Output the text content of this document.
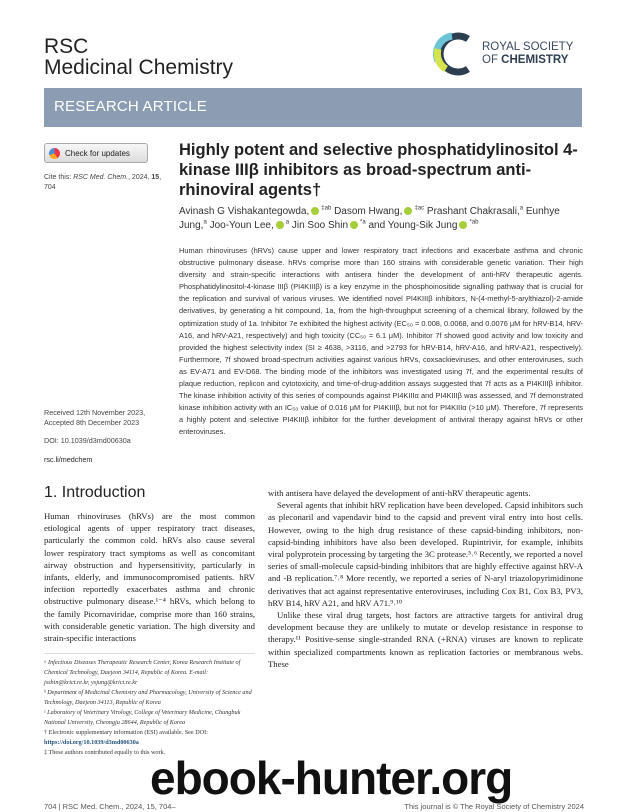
RSC
Medicinal Chemistry
ROYAL SOCIETY
OF CHEMISTRY
RESEARCH ARTICLE
Check for updates
Cite this: RSC Med. Chem., 2024, 15, 704
Highly potent and selective phosphatidylinositol 4-kinase IIIβ inhibitors as broad-spectrum anti-rhinoviral agents†
Avinash G Vishakantegowda, $^{\ddagger ab}$ Dasom Hwang, $^{\ddagger ac}$ Prashant Chakrasali,$^a$ Eunhye Jung,$^a$ Joo-Youn Lee, $^a$ Jin Soo Shin $^{*a}$ and Young-Sik Jung $^{*ab}$
Human rhinoviruses (hRVs) cause upper and lower respiratory tract infections and exacerbate asthma and chronic obstructive pulmonary disease. hRVs comprise more than 160 strains with considerable genetic variation. Their high diversity and strain-specific interactions with antisera hinder the development of anti-hRV therapeutic agents. Phosphatidylinositol-4-kinase IIIβ (PI4KIIIβ) is a key enzyme in the phosphoinositide signalling pathway that is crucial for the replication and survival of various viruses. We identified novel PI4KIIIβ inhibitors, N-(4-methyl-5-arylthiazol)-2-amide derivatives, by generating a hit compound, 1a, from the high-throughput screening of a chemical library, followed by the optimization study of 1a. Inhibitor 7e exhibited the highest activity (EC₅₀ = 0.008, 0.0068, and 0.0076 μM for hRV-B14, hRV-A16, and hRV-A21, respectively) and high toxicity (CC₅₀ = 6.1 μM). Inhibitor 7f showed good activity and low toxicity and provided the highest selectivity index (SI ≥ 4638, >3116, and >2793 for hRV-B14, hRV-A16, and hRV-A21, respectively). Furthermore, 7f showed broad-spectrum activities against various hRVs, coxsackieviruses, and other enteroviruses, such as EV-A71 and EV-D68. The binding mode of the inhibitors was investigated using 7f, and the experimental results of plaque reduction, replicon and cytotoxicity, and time-of-drug-addition assays suggested that 7f acts as a PI4KIIIβ inhibitor. The kinase inhibition activity of this series of compounds against PI4KIIIα and PI4KIIIβ was assessed, and 7f demonstrated kinase inhibition activity with an IC₅₀ value of 0.016 μM for PI4KIIIβ, but not for PI4KIIIα (>10 μM). Therefore, 7f represents a highly potent and selective PI4KIIIβ inhibitor for the further development of antiviral therapy against hRVs or other enteroviruses.
Received 12th November 2023,
Accepted 8th December 2023
DOI: 10.1039/d3md00630a
rsc.li/medchem
1. Introduction
Human rhinoviruses (hRVs) are the most common etiological agents of upper respiratory tract diseases, particularly the common cold. hRVs also cause several lower respiratory tract symptoms as well as concomitant airway obstruction and hypersensitivity, particularly in infants, elderly, and immunocompromised patients. hRV infection reportedly exacerbates asthma and chronic obstructive pulmonary disease.¹⁻⁴ hRVs, which belong to the family Picornaviridae, comprise more than 160 strains, with considerable genetic variation. The high diversity and strain-specific interactions

with antisera have delayed the development of anti-hRV therapeutic agents.

Several agents that inhibit hRV replication have been developed. Capsid inhibitors such as pleconaril and vapendavir bind to the capsid and prevent viral entry into host cells. However, owing to the high drug resistance of these capsid-binding inhibitors, non-capsid-binding inhibitors have also been developed. Rupintrivir, for example, inhibits viral polyprotein processing by targeting the 3C protease.⁵˒⁶ Recently, we reported a novel series of small-molecule capsid-binding inhibitors that are highly effective against hRV-A and -B replication.⁷˒⁸ More recently, we reported a series of N-aryl triazolopyrimidinone derivatives that act against representative enteroviruses, including Cox B1, Cox B3, PV3, hRV B14, hRV A21, and hRV A71.⁹˒¹⁰

Unlike these viral drug targets, host factors are attractive targets for antiviral drug development because they are unlikely to mutate or develop resistance in response to therapy.¹¹ Positive-sense single-stranded RNA (+RNA) viruses are known to replicate within specialized compartments known as replication factories or membranous webs. These

ᵃ Infectious Diseases Therapeutic Research Center, Korea Research Institute of Chemical Technology, Daejeon 34114, Republic of Korea. E-mail: jsshin@krict.re.kr, ysjung@krict.re.kr
ᵇ Department of Medicinal Chemistry and Pharmacology, University of Science and Technology, Daejeon 34113, Republic of Korea
ᶜ Laboratory of Veterinary Virology, College of Veterinary Medicine, Chungbuk National University, Cheongju 28644, Republic of Korea
† Electronic supplementary information (ESI) available. See DOI: https://doi.org/10.1039/d3md00630a
‡ These authors contributed equally to this work.
ebook-hunter.org
704 | RSC Med. Chem., 2024, 15, 704–	This journal is © The Royal Society of Chemistry 2024
